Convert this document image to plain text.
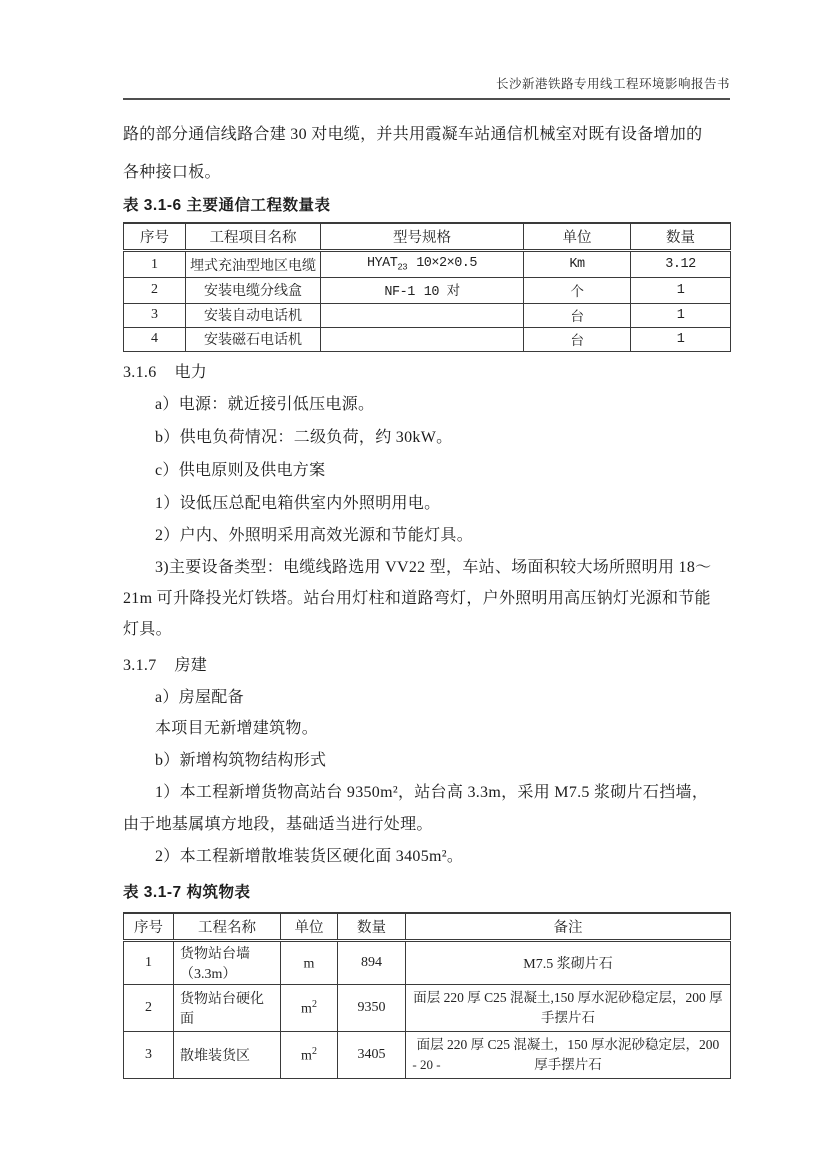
长沙新港铁路专用线工程环境影响报告书
路的部分通信线路合建 30 对电缆，并共用霞凝车站通信机械室对既有设备增加的
各种接口板。
表 3.1-6 主要通信工程数量表
序号	工程项目名称	型号规格	单位	数量
1	埋式充油型地区电缆	$HYAT_{23}$ 10×2×0.5	Km	3.12
2	安装电缆分线盒	NF-1 10 对	个	1
3	安装自动电话机		台	1
4	安装磁石电话机		台	1
3.1.6 电力
a）电源：就近接引低压电源。
b）供电负荷情况：二级负荷，约 30kW。
c）供电原则及供电方案
1）设低压总配电箱供室内外照明用电。
2）户内、外照明采用高效光源和节能灯具。
3)主要设备类型：电缆线路选用 VV22 型，车站、场面积较大场所照明用 18～
21m 可升降投光灯铁塔。站台用灯柱和道路弯灯，户外照明用高压钠灯光源和节能
灯具。
3.1.7 房建
a）房屋配备
本项目无新增建筑物。
b）新增构筑物结构形式
1）本工程新增货物高站台 9350m²，站台高 3.3m，采用 M7.5 浆砌片石挡墙，
由于地基属填方地段，基础适当进行处理。
2）本工程新增散堆装货区硬化面 3405m²。
表 3.1-7 构筑物表
序号	工程名称	单位	数量	备注
1	货物站台墙（3.3m）	m	894	M7.5 浆砌片石
2	货物站台硬化面	$m^2$	9350	面层 220 厚 C25 混凝土,150 厚水泥砂稳定层，200 厚手摆片石
3	散堆装货区	$m^2$	3405	面层 220 厚 C25 混凝土，150 厚水泥砂稳定层，200 厚手摆片石
- 20 -
